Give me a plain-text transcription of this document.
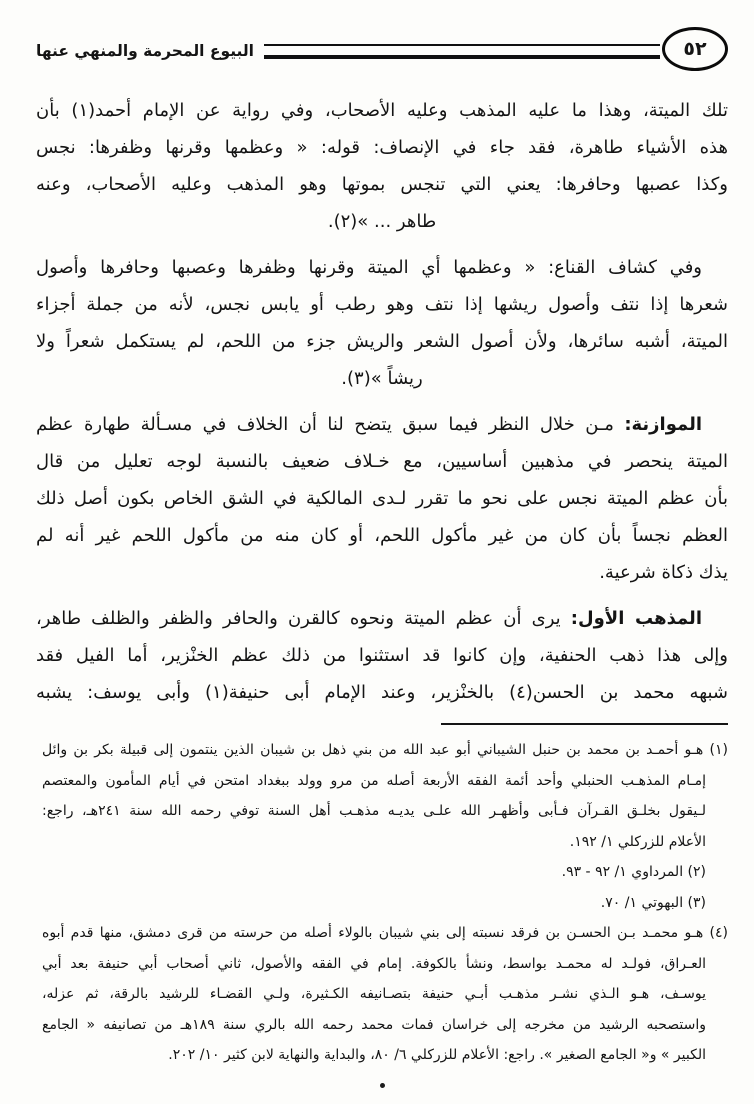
٥٢
البيوع المحرمة والمنهي عنها
تلك الميتة، وهذا ما عليه المذهب وعليه الأصحاب، وفي رواية عن الإمام أحمد(١) بأن
هذه الأشياء طاهرة، فقد جاء في الإنصاف: قوله: « وعظمها وقرنها وظفرها: نجس
وكذا عصبها وحافرها: يعني التي تنجس بموتها وهو المذهب وعليه الأصحاب، وعنه
طاهر ... »(٢).
وفي كشاف القناع: « وعظمها أي الميتة وقرنها وظفرها وعصبها وحافرها وأصول
شعرها إذا نتف وأصول ريشها إذا نتف وهو رطب أو يابس نجس، لأنه من جملة أجزاء
الميتة، أشبه سائرها، ولأن أصول الشعر والريش جزء من اللحم، لم يستكمل شعراً ولا
ريشاً »(٣).
الموازنة: مـن خلال النظر فيما سبق يتضح لنا أن الخلاف في مسـألة طهارة عظم
الميتة ينحصر في مذهبين أساسيين، مع خـلاف ضعيف بالنسبة لوجه تعليل من قال
بأن عظم الميتة نجس على نحو ما تقرر لـدى المالكية في الشق الخاص بكون أصل ذلك
العظم نجساً بأن كان من غير مأكول اللحم، أو كان منه من مأكول اللحم غير أنه لم
يذك ذكاة شرعية.
المذهب الأول: يرى أن عظم الميتة ونحوه كالقرن والحافر والظفر والظلف طاهر،
وإلى هذا ذهب الحنفية، وإن كانوا قد استثنوا من ذلك عظم الخنْزير، أما الفيل فقد
شبهه محمد بن الحسن(٤) بالخنْزير، وعند الإمام أبى حنيفة(١) وأبى يوسف: يشبه
(١) هـو أحمـد بن محمد بن حنبل الشيباني أبو عبد الله من بني ذهل بن شيبان الذين ينتمون إلى قبيلة بكر بن وائل
إمـام المذهـب الحنبلي وأحد أئمة الفقه الأربعة أصله من مرو وولد ببغداد امتحن في أيام المأمون والمعتصم
لـيقول بخلـق القـرآن فـأبى وأظهـر الله علـى يديـه مذهـب أهل السنة توفي رحمه الله سنة ٢٤١هـ، راجع:
الأعلام للزركلي ١/ ١٩٢.
(٢) المرداوي ١/ ٩٢ - ٩٣.
(٣) البهوتي ١/ ٧٠.
(٤) هـو محمـد بـن الحسـن بن فرقد نسبته إلى بني شيبان بالولاء أصله من حرسته من قرى دمشق، منها قدم أبوه
العـراق، فولـد له محمـد بواسط، ونشأ بالكوفة. إمام في الفقه والأصول، ثاني أصحاب أبي حنيفة بعد أبي
يوسـف، هـو الـذي نشـر مذهـب أبـي حنيفة بتصـانيفه الكـثيرة، ولـي القضـاء للرشيد بالرقة، ثم عزله،
واستصحبه الرشيد من مخرجه إلى خراسان فمات محمد رحمه الله بالري سنة ١٨٩هـ من تصانيفه « الجامع
الكبير » و« الجامع الصغير ». راجع: الأعلام للزركلي ٦/ ٨٠، والبداية والنهاية لابن كثير ١٠/ ٢٠٢.
